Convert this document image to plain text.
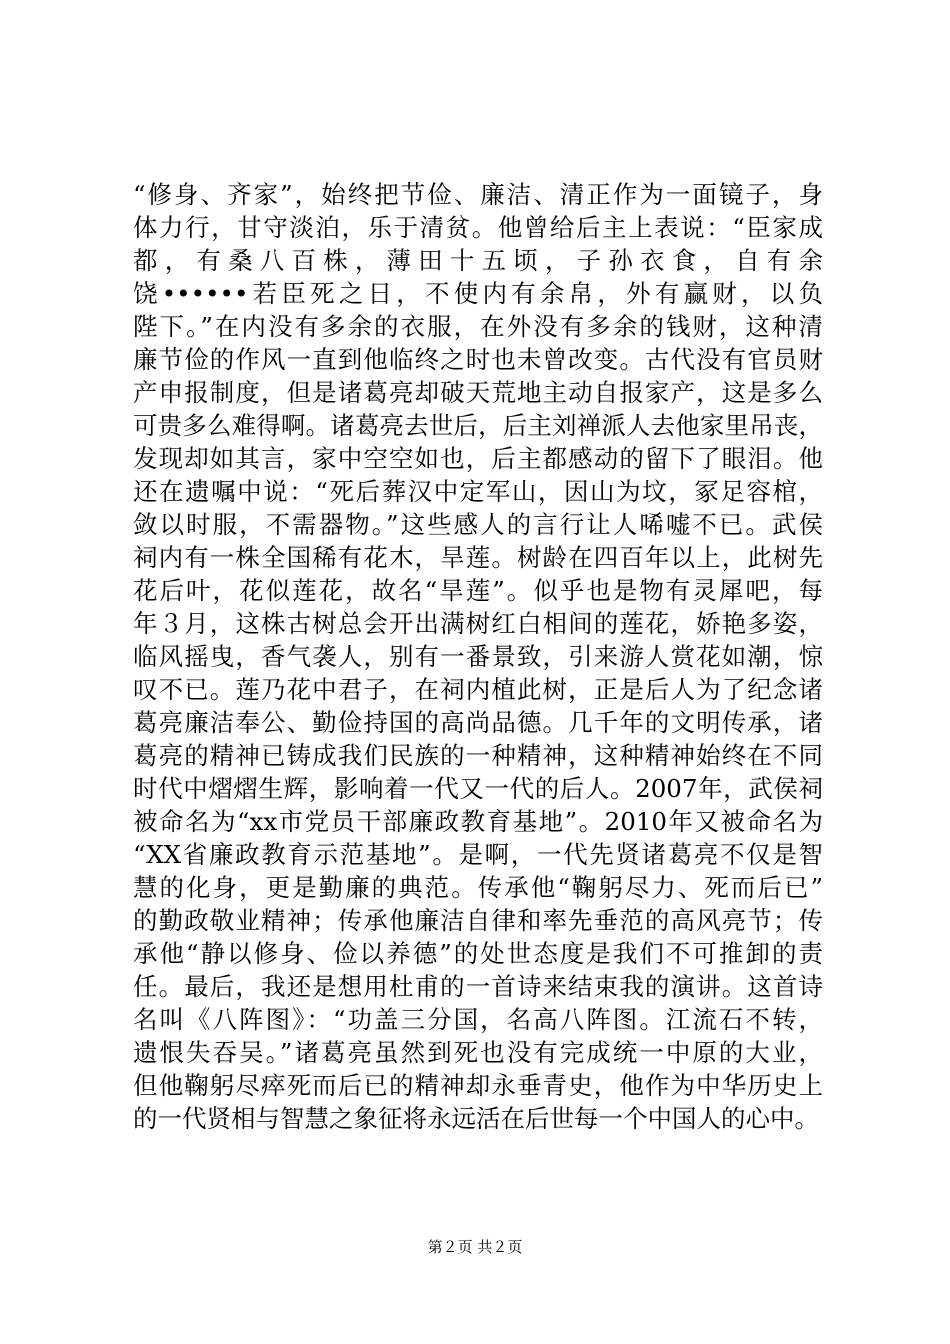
“修身、齐家”，始终把节俭、廉洁、清正作为一面镜子，身
体力行，甘守淡泊，乐于清贫。他曾给后主上表说：“臣家成
都，有桑八百株，薄田十五顷，子孙衣食，自有余
饶••••••若臣死之日，不使内有余帛，外有赢财，以负
陛下。”在内没有多余的衣服，在外没有多余的钱财，这种清
廉节俭的作风一直到他临终之时也未曾改变。古代没有官员财
产申报制度，但是诸葛亮却破天荒地主动自报家产，这是多么
可贵多么难得啊。诸葛亮去世后，后主刘禅派人去他家里吊丧，
发现却如其言，家中空空如也，后主都感动的留下了眼泪。他
还在遗嘱中说：“死后葬汉中定军山，因山为坟，冢足容棺，
敛以时服，不需器物。”这些感人的言行让人唏嘘不已。武侯
祠内有一株全国稀有花木，旱莲。树龄在四百年以上，此树先
花后叶，花似莲花，故名“旱莲”。似乎也是物有灵犀吧，每
年３月，这株古树总会开出满树红白相间的莲花，娇艳多姿，
临风摇曳，香气袭人，别有一番景致，引来游人赏花如潮，惊
叹不已。莲乃花中君子，在祠内植此树，正是后人为了纪念诸
葛亮廉洁奉公、勤俭持国的高尚品德。几千年的文明传承，诸
葛亮的精神已铸成我们民族的一种精神，这种精神始终在不同
时代中熠熠生辉，影响着一代又一代的后人。2007年，武侯祠
被命名为“xx市党员干部廉政教育基地”。2010年又被命名为
“XX省廉政教育示范基地”。是啊，一代先贤诸葛亮不仅是智
慧的化身，更是勤廉的典范。传承他“鞠躬尽力、死而后已”
的勤政敬业精神；传承他廉洁自律和率先垂范的高风亮节；传
承他“静以修身、俭以养德”的处世态度是我们不可推卸的责
任。最后，我还是想用杜甫的一首诗来结束我的演讲。这首诗
名叫《八阵图》：“功盖三分国，名高八阵图。江流石不转，
遗恨失吞吴。”诸葛亮虽然到死也没有完成统一中原的大业，
但他鞠躬尽瘁死而后已的精神却永垂青史，他作为中华历史上
的一代贤相与智慧之象征将永远活在后世每一个中国人的心中。
第２页 共２页
